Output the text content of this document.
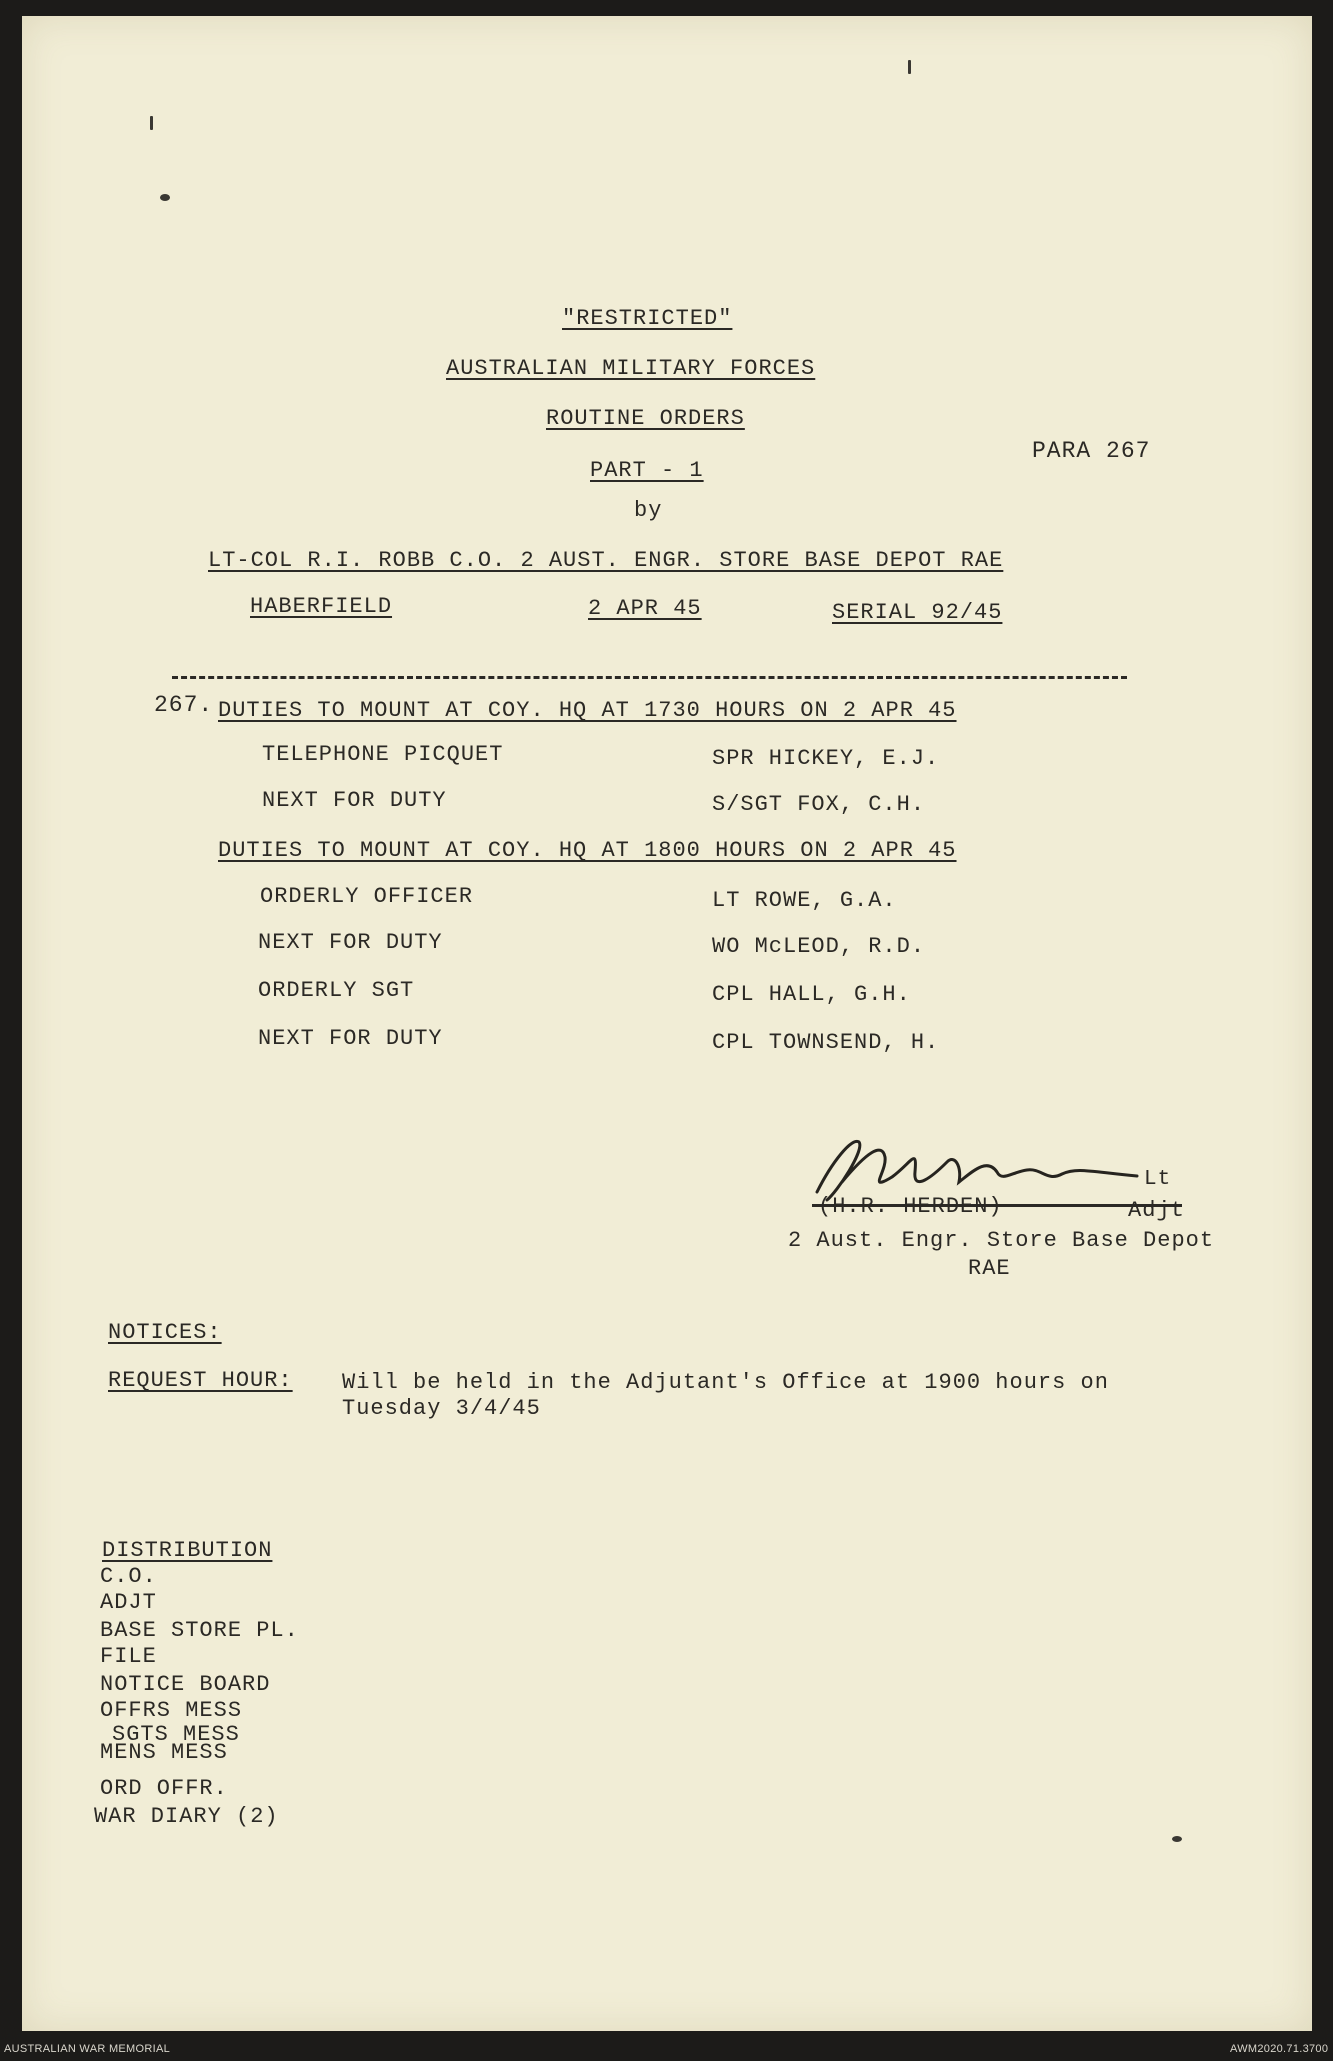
"RESTRICTED"
AUSTRALIAN MILITARY FORCES
ROUTINE ORDERS
PART - 1
PARA 267
by
LT-COL R.I. ROBB C.O. 2 AUST. ENGR. STORE BASE DEPOT RAE
HABERFIELD	2 APR 45	SERIAL 92/45
267. DUTIES TO MOUNT AT COY. HQ AT 1730 HOURS ON 2 APR 45
TELEPHONE PICQUET	SPR HICKEY, E.J.
NEXT FOR DUTY	S/SGT FOX, C.H.
DUTIES TO MOUNT AT COY. HQ AT 1800 HOURS ON 2 APR 45
ORDERLY OFFICER	LT ROWE, G.A.
NEXT FOR DUTY	WO McLEOD, R.D.
ORDERLY SGT	CPL HALL, G.H.
NEXT FOR DUTY	CPL TOWNSEND, H.
Lt
(H.R. HERDEN)	Adjt
2 Aust. Engr. Store Base Depot
RAE
NOTICES:
REQUEST HOUR: Will be held in the Adjutant's Office at 1900 hours on
Tuesday 3/4/45
DISTRIBUTION
C.O.
ADJT
BASE STORE PL.
FILE
NOTICE BOARD
OFFRS MESS
SGTS MESS
MENS MESS
ORD OFFR.
WAR DIARY (2)
AUSTRALIAN WAR MEMORIAL	AWM2020.71.3700
